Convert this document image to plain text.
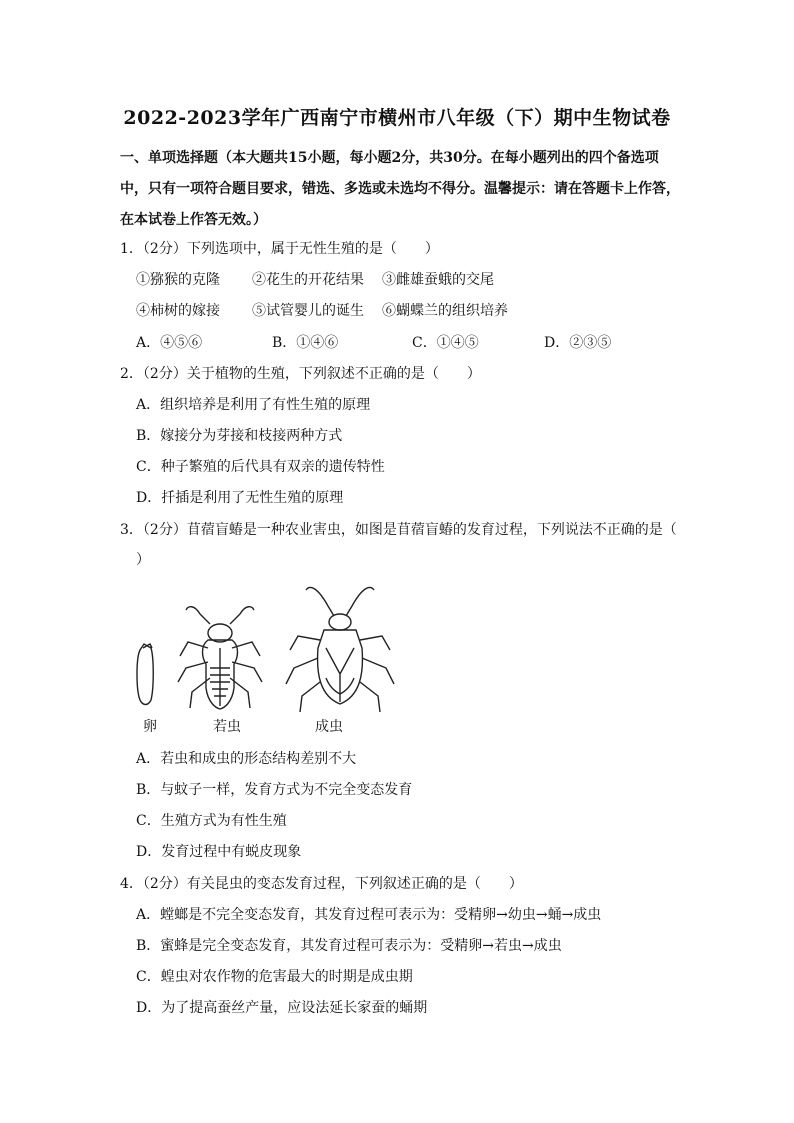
2022-2023学年广西南宁市横州市八年级（下）期中生物试卷
一、单项选择题（本大题共15小题，每小题2分，共30分。在每小题列出的四个备选项中，只有一项符合题目要求，错选、多选或未选均不得分。温馨提示：请在答题卡上作答，在本试卷上作答无效。）
1．（2分）下列选项中，属于无性生殖的是（　　）
①猕猴的克隆 ②花生的开花结果 ③雌雄蚕蛾的交尾
④柿树的嫁接 ⑤试管婴儿的诞生 ⑥蝴蝶兰的组织培养
A．④⑤⑥	B．①④⑥	C．①④⑤	D．②③⑤
2．（2分）关于植物的生殖，下列叙述不正确的是（　　）
A．组织培养是利用了有性生殖的原理
B．嫁接分为芽接和枝接两种方式
C．种子繁殖的后代具有双亲的遗传特性
D．扦插是利用了无性生殖的原理
3．（2分）苜蓿盲蝽是一种农业害虫，如图是苜蓿盲蝽的发育过程，下列说法不正确的是（
）
卵	若虫	成虫
A．若虫和成虫的形态结构差别不大
B．与蚊子一样，发育方式为不完全变态发育
C．生殖方式为有性生殖
D．发育过程中有蜕皮现象
4．（2分）有关昆虫的变态发育过程，下列叙述正确的是（　　）
A．螳螂是不完全变态发育，其发育过程可表示为：受精卵→幼虫→蛹→成虫
B．蜜蜂是完全变态发育，其发育过程可表示为：受精卵→若虫→成虫
C．蝗虫对农作物的危害最大的时期是成虫期
D．为了提高蚕丝产量，应设法延长家蚕的蛹期
